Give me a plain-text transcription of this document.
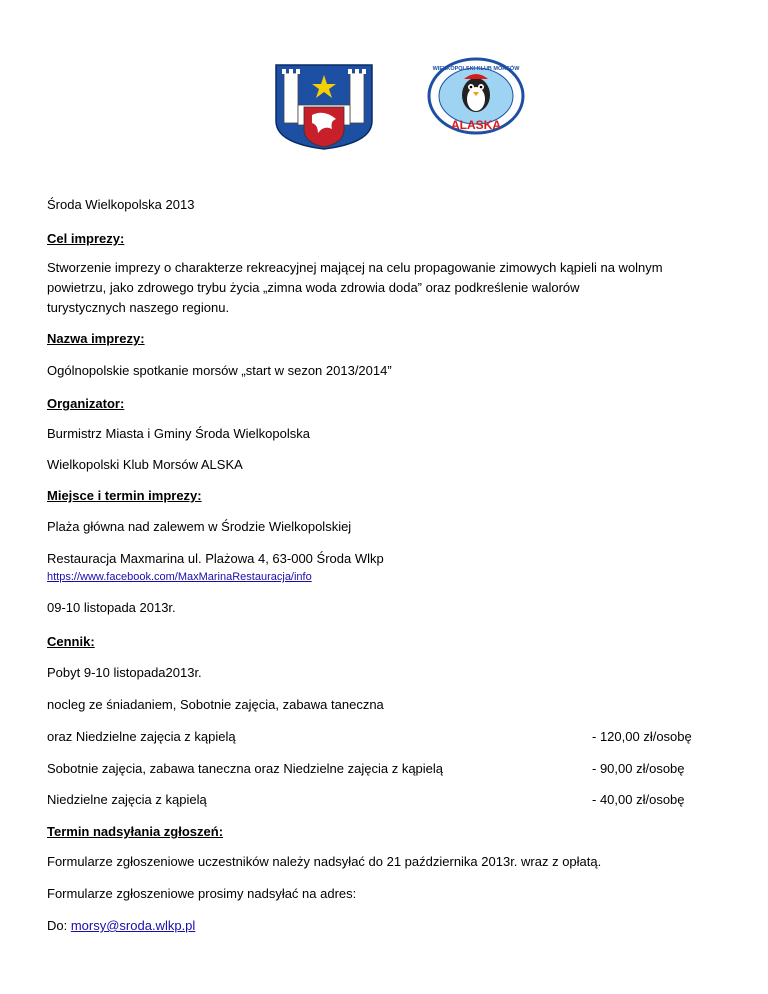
ALASKA
WIELKOPOLSKI KLUB MORSÓW
Środa Wielkopolska 2013
Cel imprezy:
Stworzenie imprezy o charakterze rekreacyjnej mającej na celu propagowanie zimowych kąpieli na wolnym
powietrzu, jako zdrowego trybu życia „zimna woda zdrowia doda” oraz podkreślenie walorów
turystycznych naszego regionu.
Nazwa imprezy:
Ogólnopolskie spotkanie morsów „start w sezon 2013/2014”
Organizator:
Burmistrz Miasta i Gminy Środa Wielkopolska
Wielkopolski Klub Morsów ALSKA
Miejsce i termin imprezy:
Plaża główna nad zalewem w Środzie Wielkopolskiej
Restauracja Maxmarina ul. Plażowa 4, 63-000 Środa Wlkp
https://www.facebook.com/MaxMarinaRestauracja/info
09-10 listopada 2013r.
Cennik:
Pobyt 9-10 listopada2013r.
nocleg ze śniadaniem, Sobotnie zajęcia, zabawa taneczna
oraz Niedzielne zajęcia z kąpielą	- 120,00 zł/osobę
Sobotnie zajęcia, zabawa taneczna oraz Niedzielne zajęcia z kąpielą	- 90,00 zł/osobę
Niedzielne zajęcia z kąpielą	- 40,00 zł/osobę
Termin nadsyłania zgłoszeń:
Formularze zgłoszeniowe uczestników należy nadsyłać do 21 października 2013r. wraz z opłatą.
Formularze zgłoszeniowe prosimy nadsyłać na adres:
Do: morsy@sroda.wlkp.pl
